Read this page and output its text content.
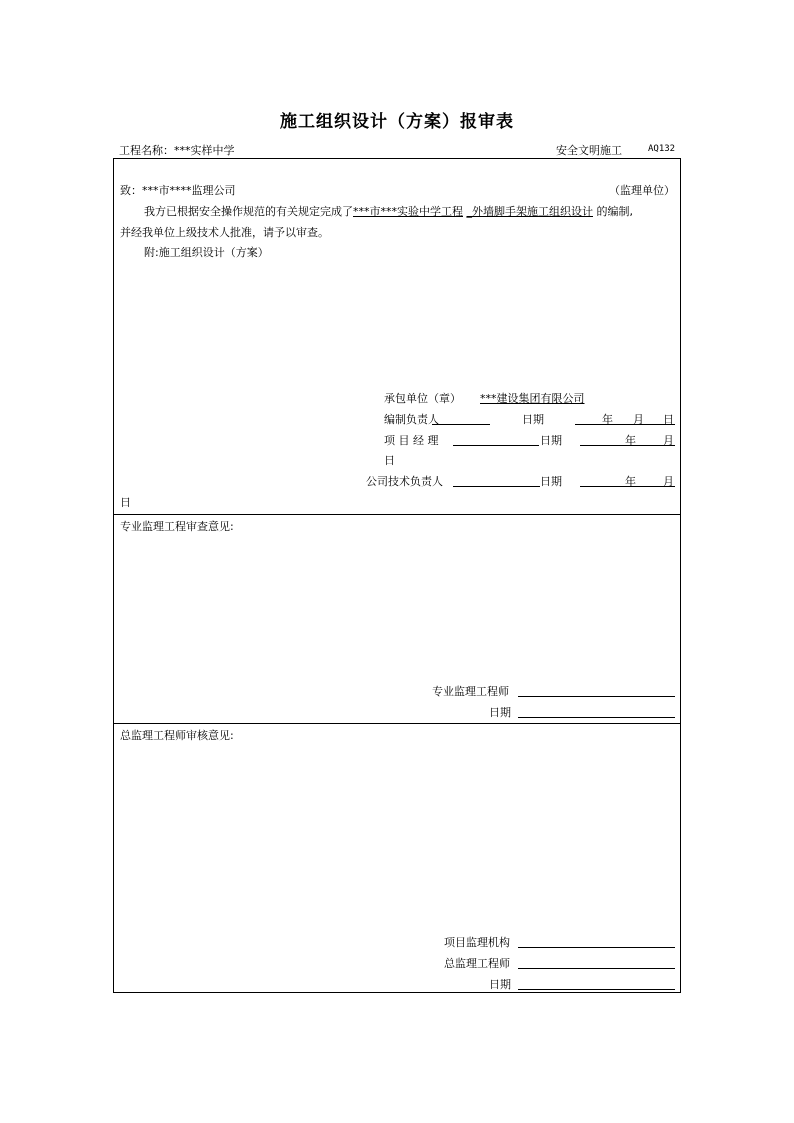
施工组织设计（方案）报审表
工程名称：***实样中学	安全文明施工	AQ132
致：***市****监理公司	（监理单位）
我方已根据安全操作规范的有关规定完成了***市***实验中学工程 _外墙脚手架施工组织设计 的编制,
并经我单位上级技术人批准，请予以审查。
附:施工组织设计（方案）
承包单位（章） ***建设集团有限公司
编制负责人	日期	年 月 日
项 目 经 理	日期	年 月
日
公司技术负责人	日期	年 月
日
专业监理工程审查意见:
专业监理工程师
日期
总监理工程师审核意见:
项目监理机构
总监理工程师
日期
